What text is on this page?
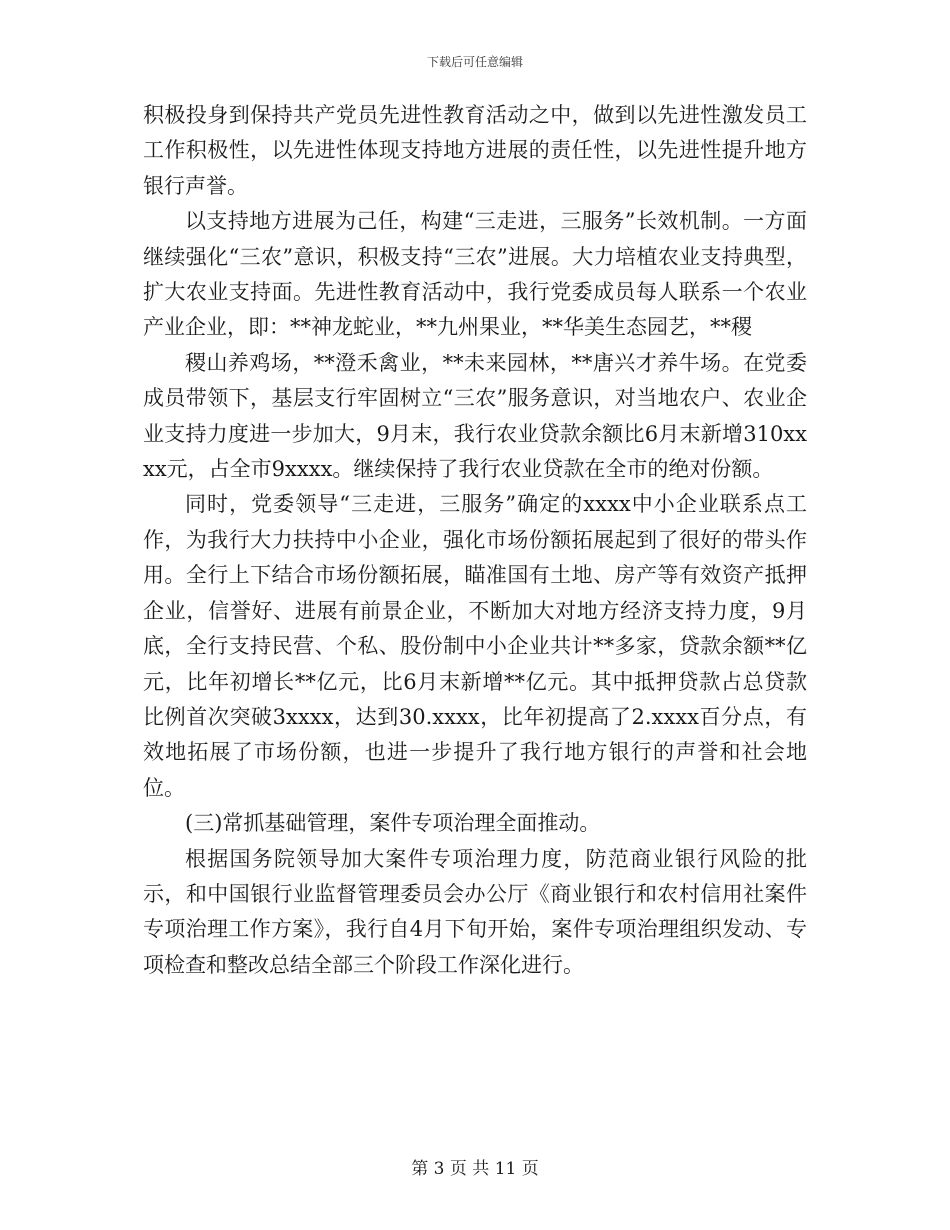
下载后可任意编辑

积极投身到保持共产党员先进性教育活动之中，做到以先进性激发员工工作积极性，以先进性体现支持地方进展的责任性，以先进性提升地方银行声誉。

以支持地方进展为己任，构建“三走进，三服务”长效机制。一方面继续强化“三农”意识，积极支持“三农”进展。大力培植农业支持典型，扩大农业支持面。先进性教育活动中，我行党委成员每人联系一个农业产业企业，即：**神龙蛇业，**九州果业，**华美生态园艺，**稷

稷山养鸡场，**澄禾禽业，**未来园林，**唐兴才养牛场。在党委成员带领下，基层支行牢固树立“三农”服务意识，对当地农户、农业企业支持力度进一步加大，9月末，我行农业贷款余额比6月末新增310xxxx元，占全市9xxxx。继续保持了我行农业贷款在全市的绝对份额。

同时，党委领导“三走进，三服务”确定的xxxx中小企业联系点工作，为我行大力扶持中小企业，强化市场份额拓展起到了很好的带头作用。全行上下结合市场份额拓展，瞄准国有土地、房产等有效资产抵押企业，信誉好、进展有前景企业，不断加大对地方经济支持力度，9月底，全行支持民营、个私、股份制中小企业共计**多家，贷款余额**亿元，比年初增长**亿元，比6月末新增**亿元。其中抵押贷款占总贷款比例首次突破3xxxx，达到30.xxxx，比年初提高了2.xxxx百分点，有效地拓展了市场份额，也进一步提升了我行地方银行的声誉和社会地位。

(三)常抓基础管理，案件专项治理全面推动。

根据国务院领导加大案件专项治理力度，防范商业银行风险的批示，和中国银行业监督管理委员会办公厅《商业银行和农村信用社案件专项治理工作方案》，我行自4月下旬开始，案件专项治理组织发动、专项检查和整改总结全部三个阶段工作深化进行。

第 3 页 共 11 页
